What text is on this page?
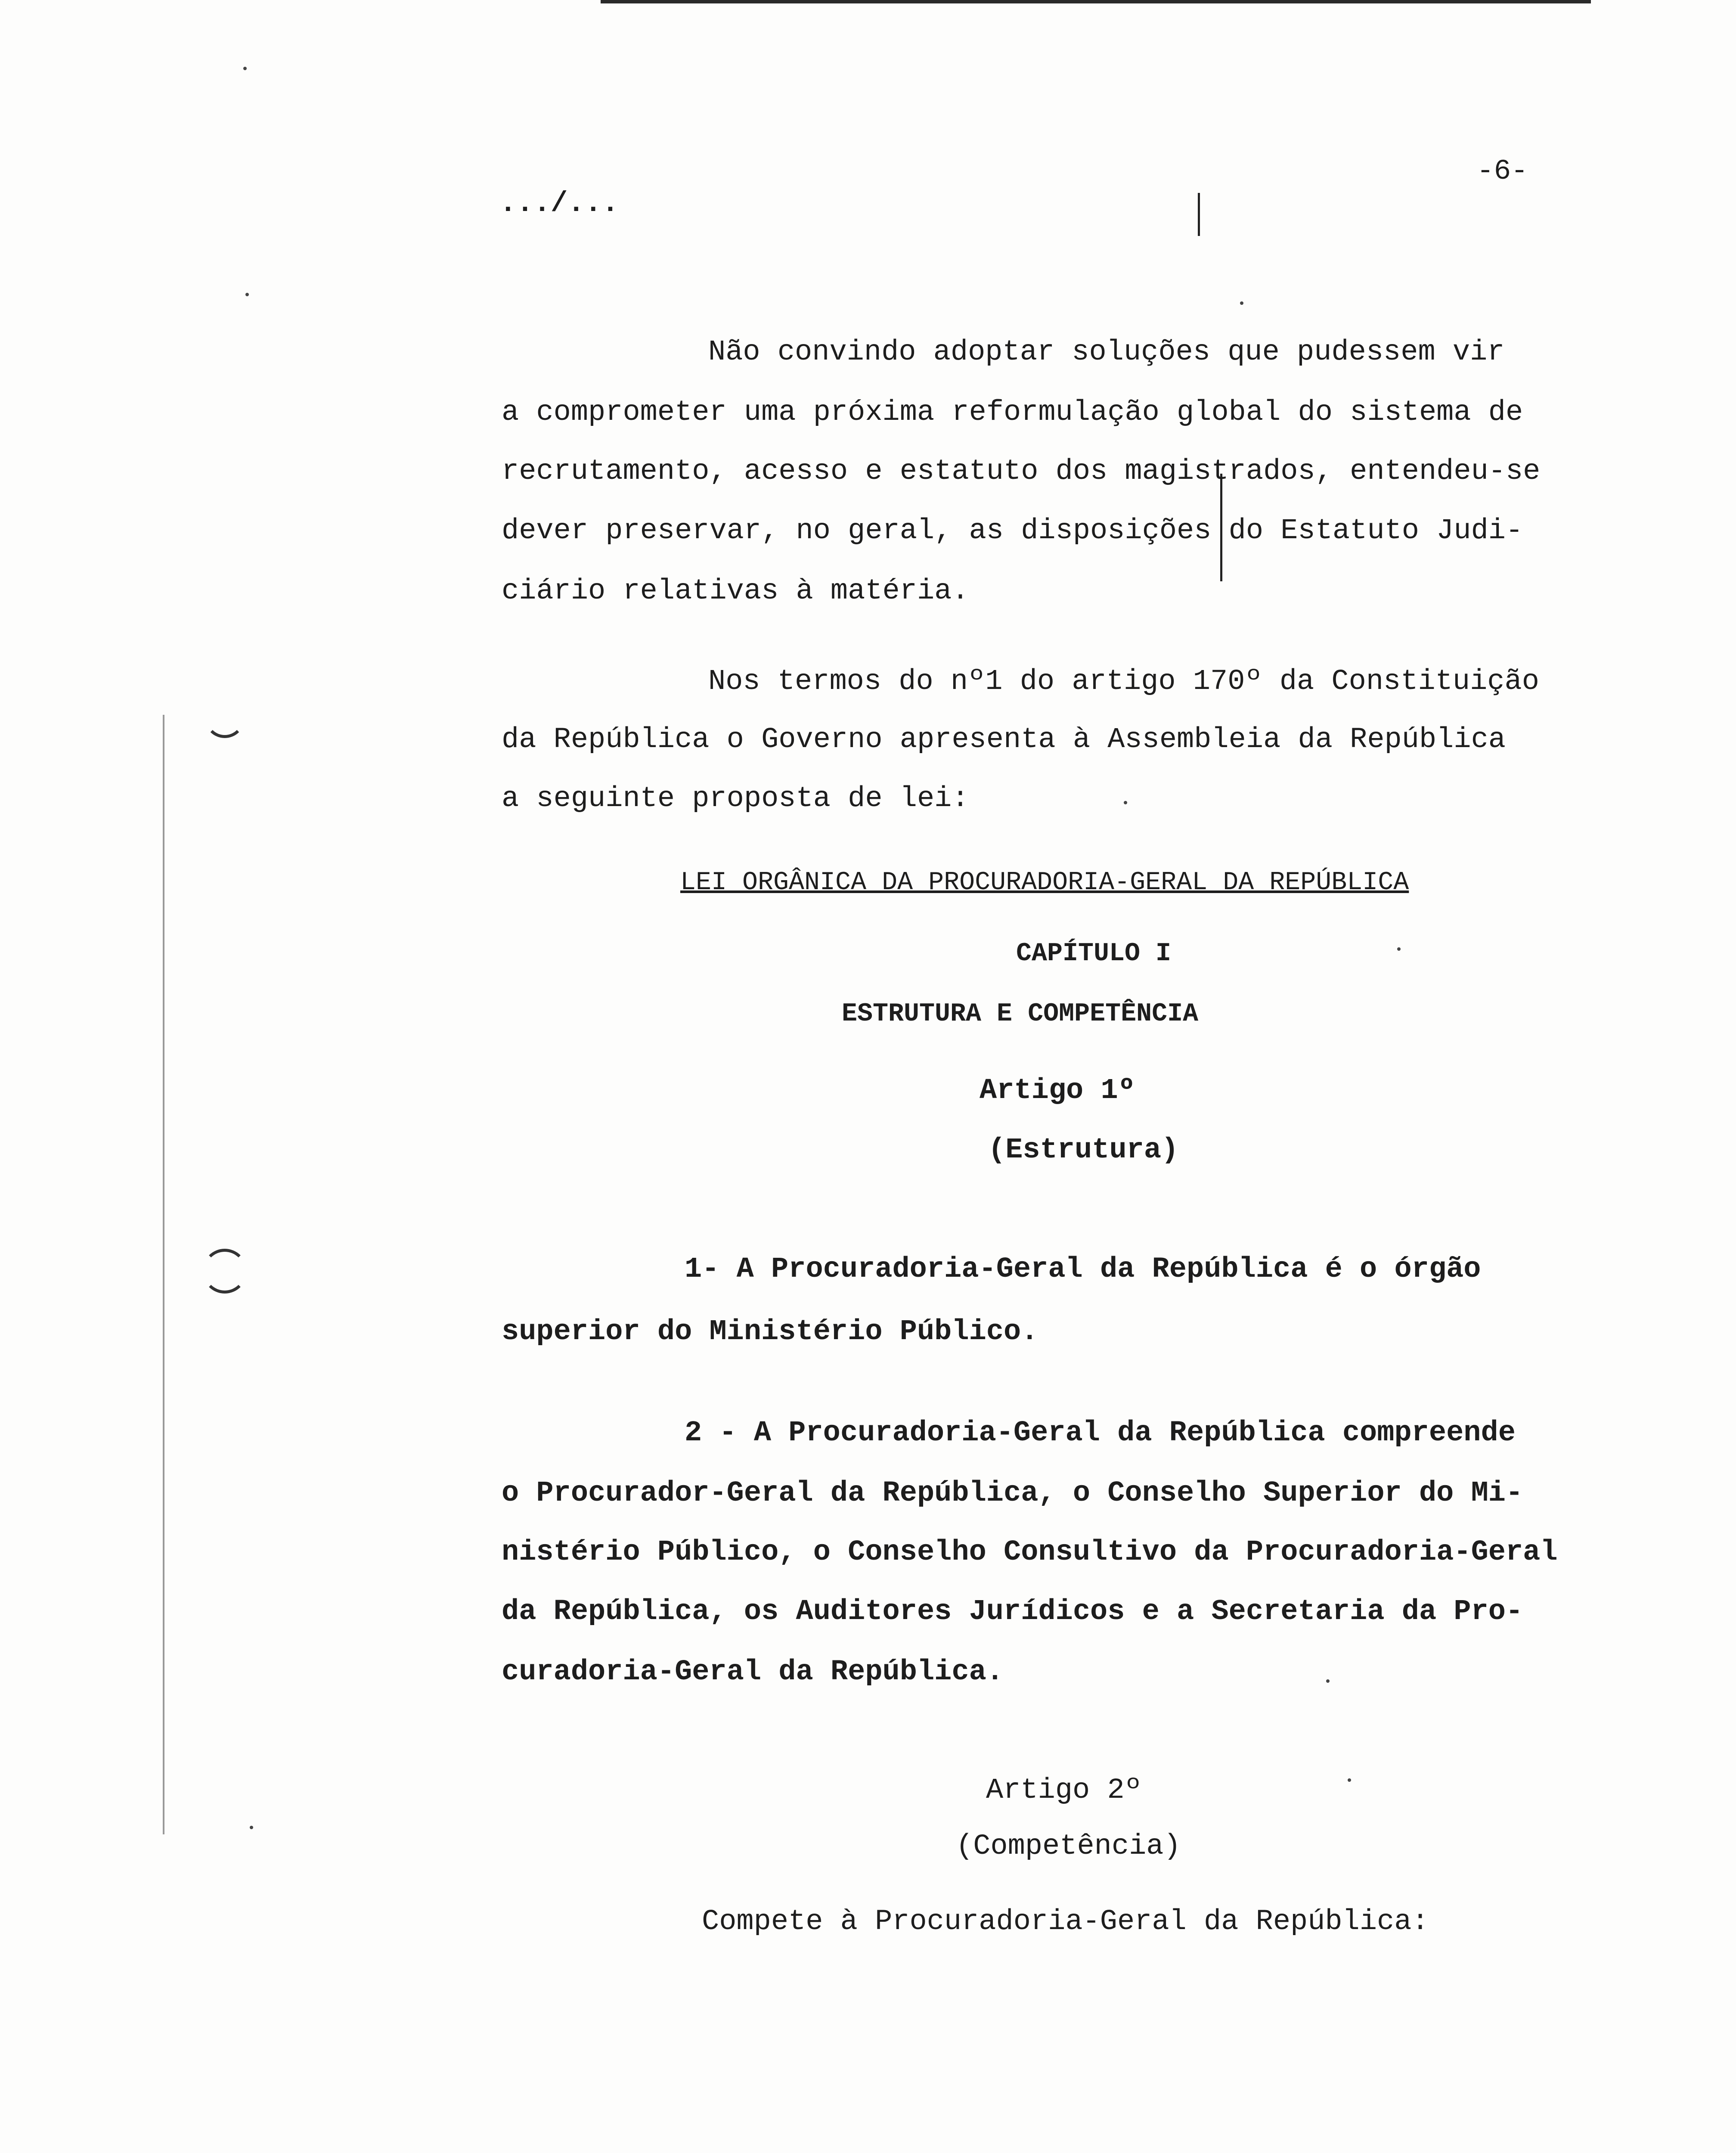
-6-
.../...
Não convindo adoptar soluções que pudessem vir
a comprometer uma próxima reformulação global do sistema de
recrutamento, acesso e estatuto dos magistrados, entendeu-se
dever preservar, no geral, as disposições do Estatuto Judi-
ciário relativas à matéria.
Nos termos do nº1 do artigo 170º da Constituição
da República o Governo apresenta à Assembleia da República
a seguinte proposta de lei:
LEI ORGÂNICA DA PROCURADORIA-GERAL DA REPÚBLICA
CAPÍTULO I
ESTRUTURA E COMPETÊNCIA
Artigo 1º
(Estrutura)
1- A Procuradoria-Geral da República é o órgão
superior do Ministério Público.
2 - A Procuradoria-Geral da República compreende
o Procurador-Geral da República, o Conselho Superior do Mi-
nistério Público, o Conselho Consultivo da Procuradoria-Geral
da República, os Auditores Jurídicos e a Secretaria da Pro-
curadoria-Geral da República.
Artigo 2º
(Competência)
Compete à Procuradoria-Geral da República:
